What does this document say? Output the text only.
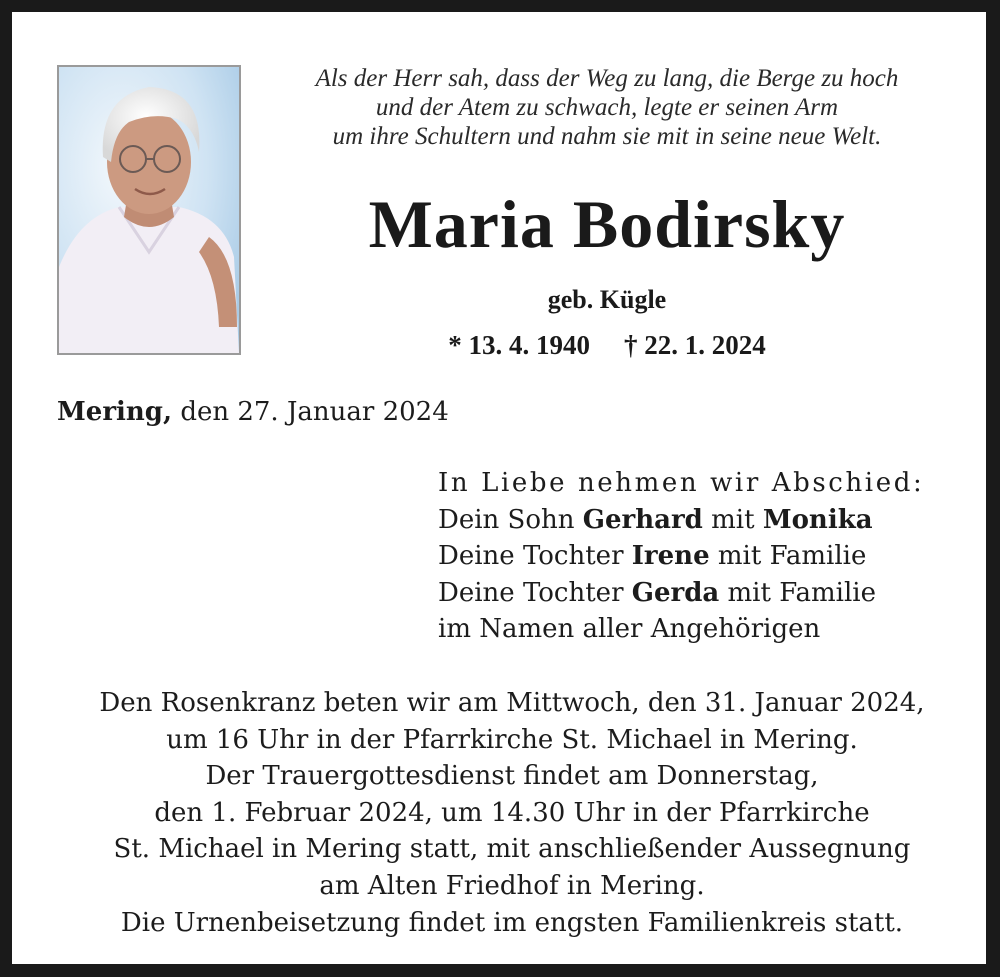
Als der Herr sah, dass der Weg zu lang, die Berge zu hoch
und der Atem zu schwach, legte er seinen Arm
um ihre Schultern und nahm sie mit in seine neue Welt.
Maria Bodirsky
geb. Kügle
* 13. 4. 1940 † 22. 1. 2024
Mering, den 27. Januar 2024
In Liebe nehmen wir Abschied:
Dein Sohn Gerhard mit Monika
Deine Tochter Irene mit Familie
Deine Tochter Gerda mit Familie
im Namen aller Angehörigen
Den Rosenkranz beten wir am Mittwoch, den 31. Januar 2024,
um 16 Uhr in der Pfarrkirche St. Michael in Mering.
Der Trauergottesdienst findet am Donnerstag,
den 1. Februar 2024, um 14.30 Uhr in der Pfarrkirche
St. Michael in Mering statt, mit anschließender Aussegnung
am Alten Friedhof in Mering.
Die Urnenbeisetzung findet im engsten Familienkreis statt.
